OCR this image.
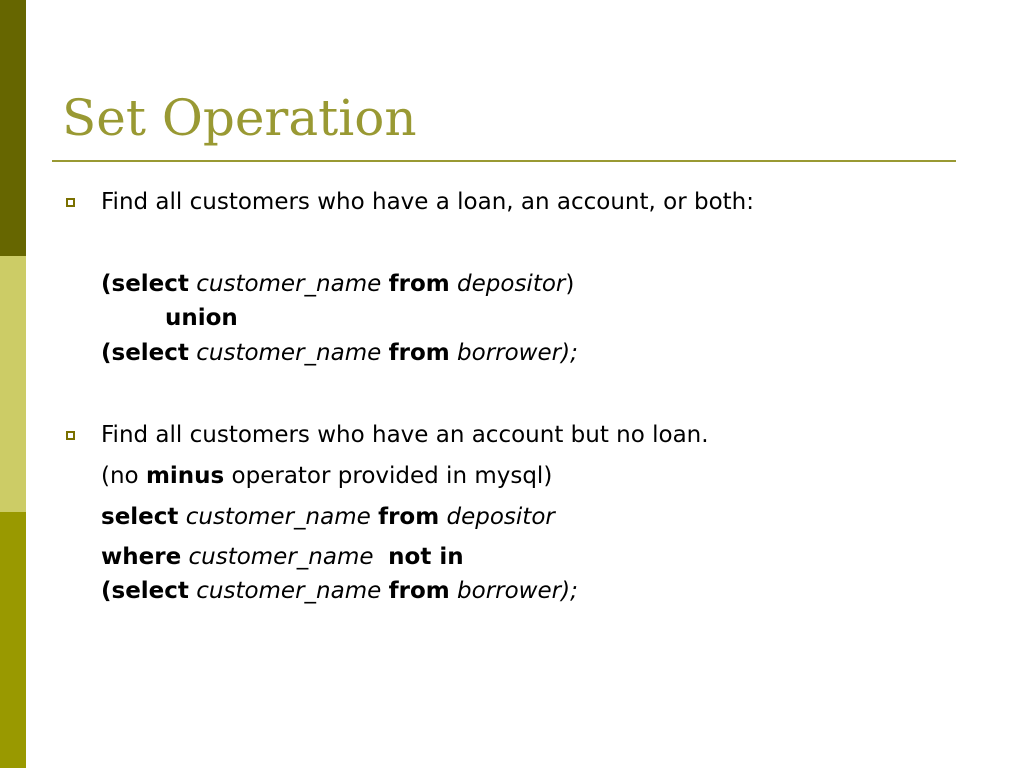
Set Operation
Find all customers who have a loan, an account, or both:
(select customer_name from depositor)
union
(select customer_name from borrower);
Find all customers who have an account but no loan.
(no minus operator provided in mysql)
select customer_name from depositor
where customer_name not in
(select customer_name from borrower);
